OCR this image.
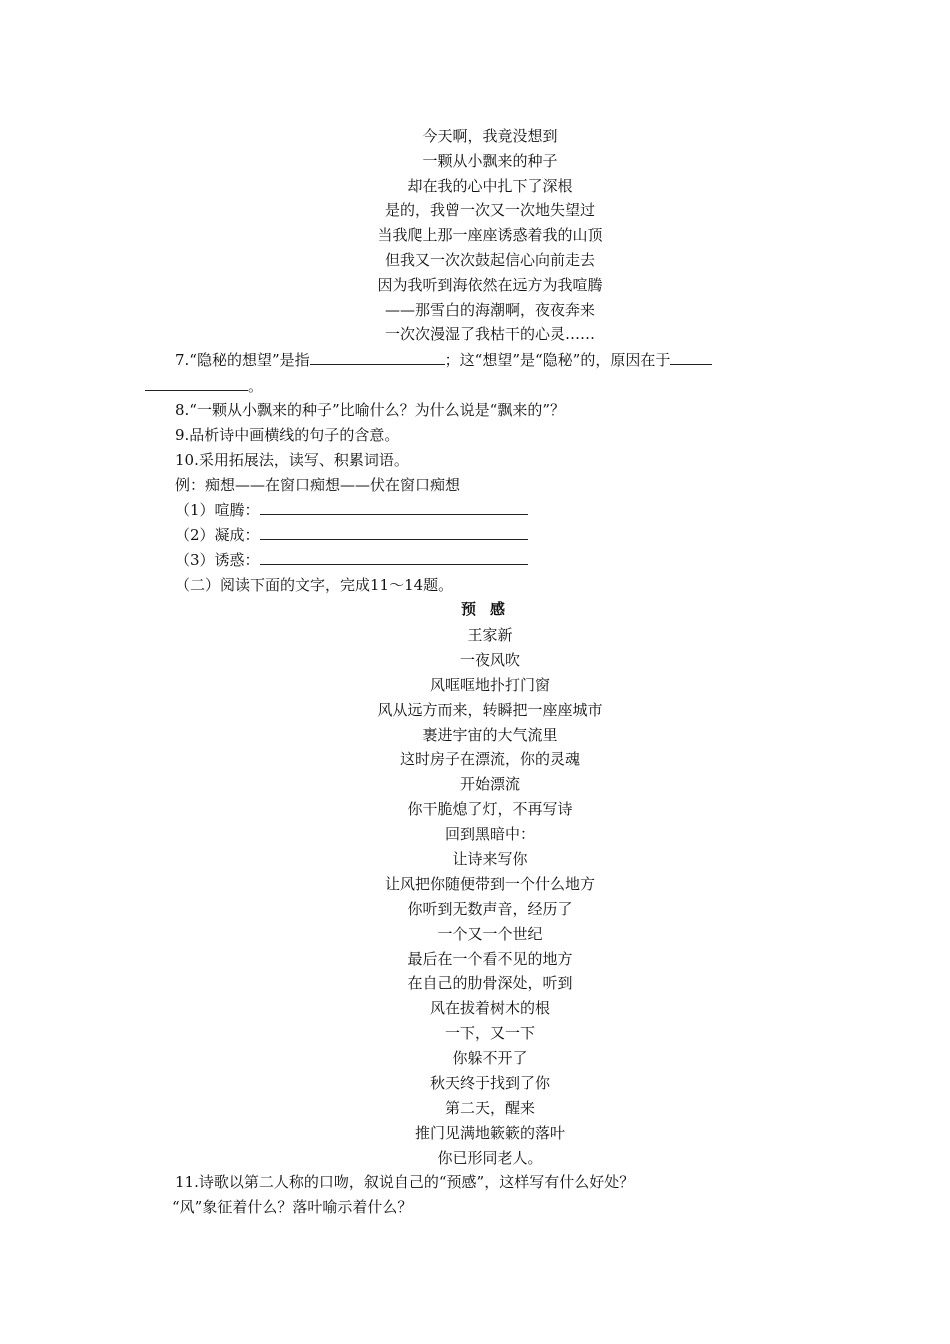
今天啊，我竟没想到
一颗从小飘来的种子
却在我的心中扎下了深根
是的，我曾一次又一次地失望过
当我爬上那一座座诱惑着我的山顶
但我又一次次鼓起信心向前走去
因为我听到海依然在远方为我喧腾
——那雪白的海潮啊，夜夜奔来
一次次漫湿了我枯干的心灵……
7.“隐秘的想望”是指	；这“想望”是“隐秘”的，原因在于
。
8.“一颗从小飘来的种子”比喻什么？为什么说是“飘来的”？
9.品析诗中画横线的句子的含意。
10.采用拓展法，读写、积累词语。
例：痴想——在窗口痴想——伏在窗口痴想
（1）喧腾：
（2）凝成：
（3）诱惑：
（二）阅读下面的文字，完成11～14题。
预感
王家新
一夜风吹
风哐哐地扑打门窗
风从远方而来，转瞬把一座座城市
裹进宇宙的大气流里
这时房子在漂流，你的灵魂
开始漂流
你干脆熄了灯，不再写诗
回到黑暗中：
让诗来写你
让风把你随便带到一个什么地方
你听到无数声音，经历了
一个又一个世纪
最后在一个看不见的地方
在自己的肋骨深处，听到
风在拔着树木的根
一下，又一下
你躲不开了
秋天终于找到了你
第二天，醒来
推门见满地簌簌的落叶
你已形同老人。
11.诗歌以第二人称的口吻，叙说自己的“预感”，这样写有什么好处？
“风”象征着什么？落叶喻示着什么？
